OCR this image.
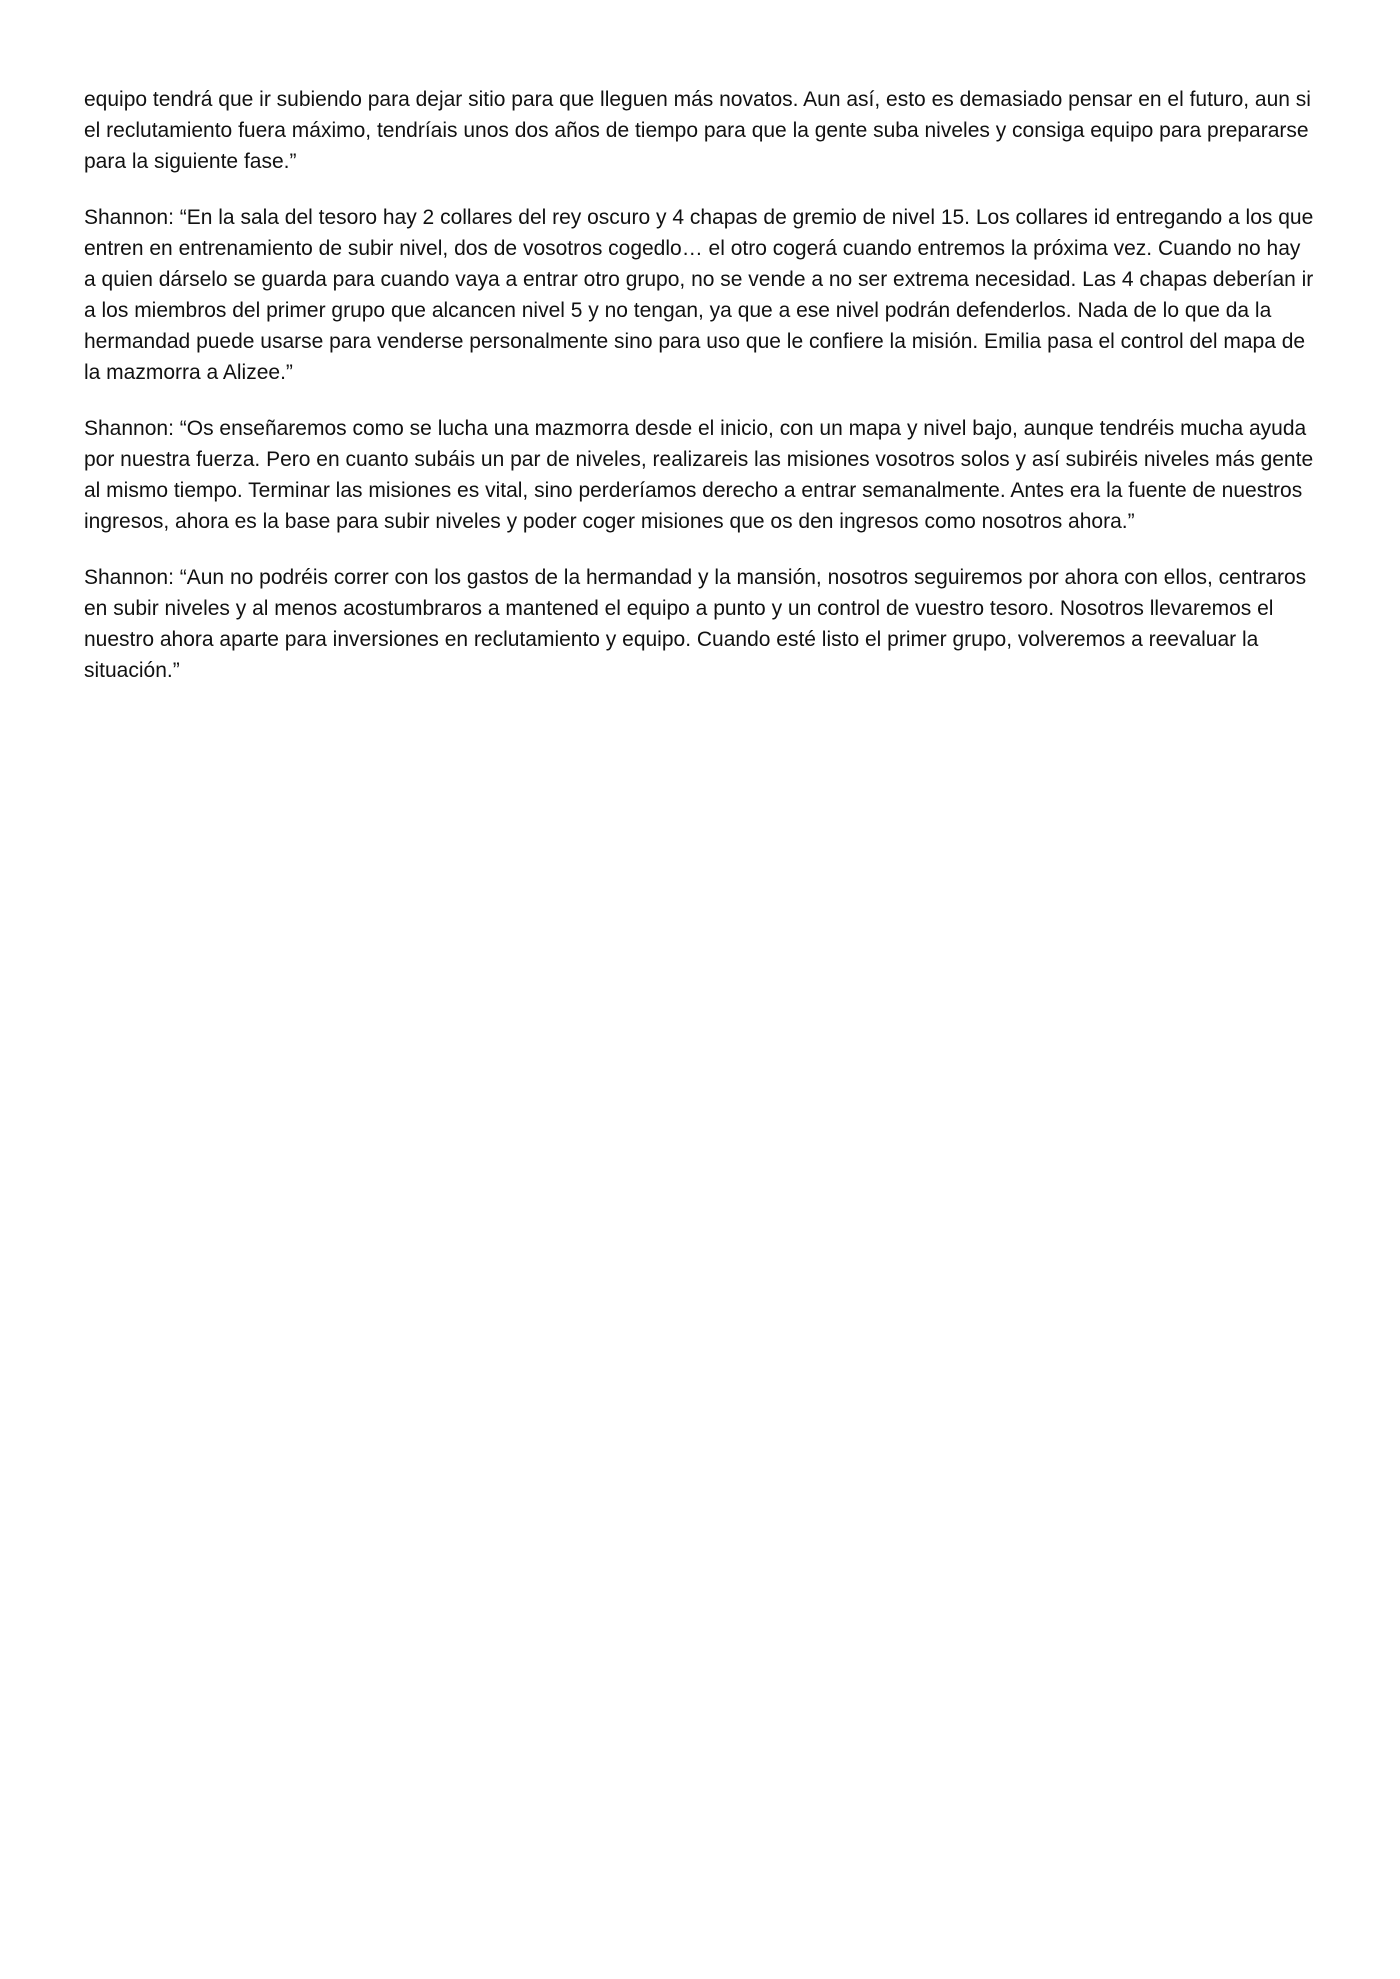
equipo tendrá que ir subiendo para dejar sitio para que lleguen más novatos. Aun así, esto es demasiado pensar en el futuro, aun si el reclutamiento fuera máximo, tendríais unos dos años de tiempo para que la gente suba niveles y consiga equipo para prepararse para la siguiente fase.”

Shannon: “En la sala del tesoro hay 2 collares del rey oscuro y 4 chapas de gremio de nivel 15. Los collares id entregando a los que entren en entrenamiento de subir nivel, dos de vosotros cogedlo… el otro cogerá cuando entremos la próxima vez. Cuando no hay a quien dárselo se guarda para cuando vaya a entrar otro grupo, no se vende a no ser extrema necesidad. Las 4 chapas deberían ir a los miembros del primer grupo que alcancen nivel 5 y no tengan, ya que a ese nivel podrán defenderlos. Nada de lo que da la hermandad puede usarse para venderse personalmente sino para uso que le confiere la misión. Emilia pasa el control del mapa de la mazmorra a Alizee.”

Shannon: “Os enseñaremos como se lucha una mazmorra desde el inicio, con un mapa y nivel bajo, aunque tendréis mucha ayuda por nuestra fuerza. Pero en cuanto subáis un par de niveles, realizareis las misiones vosotros solos y así subiréis niveles más gente al mismo tiempo. Terminar las misiones es vital, sino perderíamos derecho a entrar semanalmente. Antes era la fuente de nuestros ingresos, ahora es la base para subir niveles y poder coger misiones que os den ingresos como nosotros ahora.”

Shannon: “Aun no podréis correr con los gastos de la hermandad y la mansión, nosotros seguiremos por ahora con ellos, centraros en subir niveles y al menos acostumbraros a mantened el equipo a punto y un control de vuestro tesoro. Nosotros llevaremos el nuestro ahora aparte para inversiones en reclutamiento y equipo. Cuando esté listo el primer grupo, volveremos a reevaluar la situación.”
